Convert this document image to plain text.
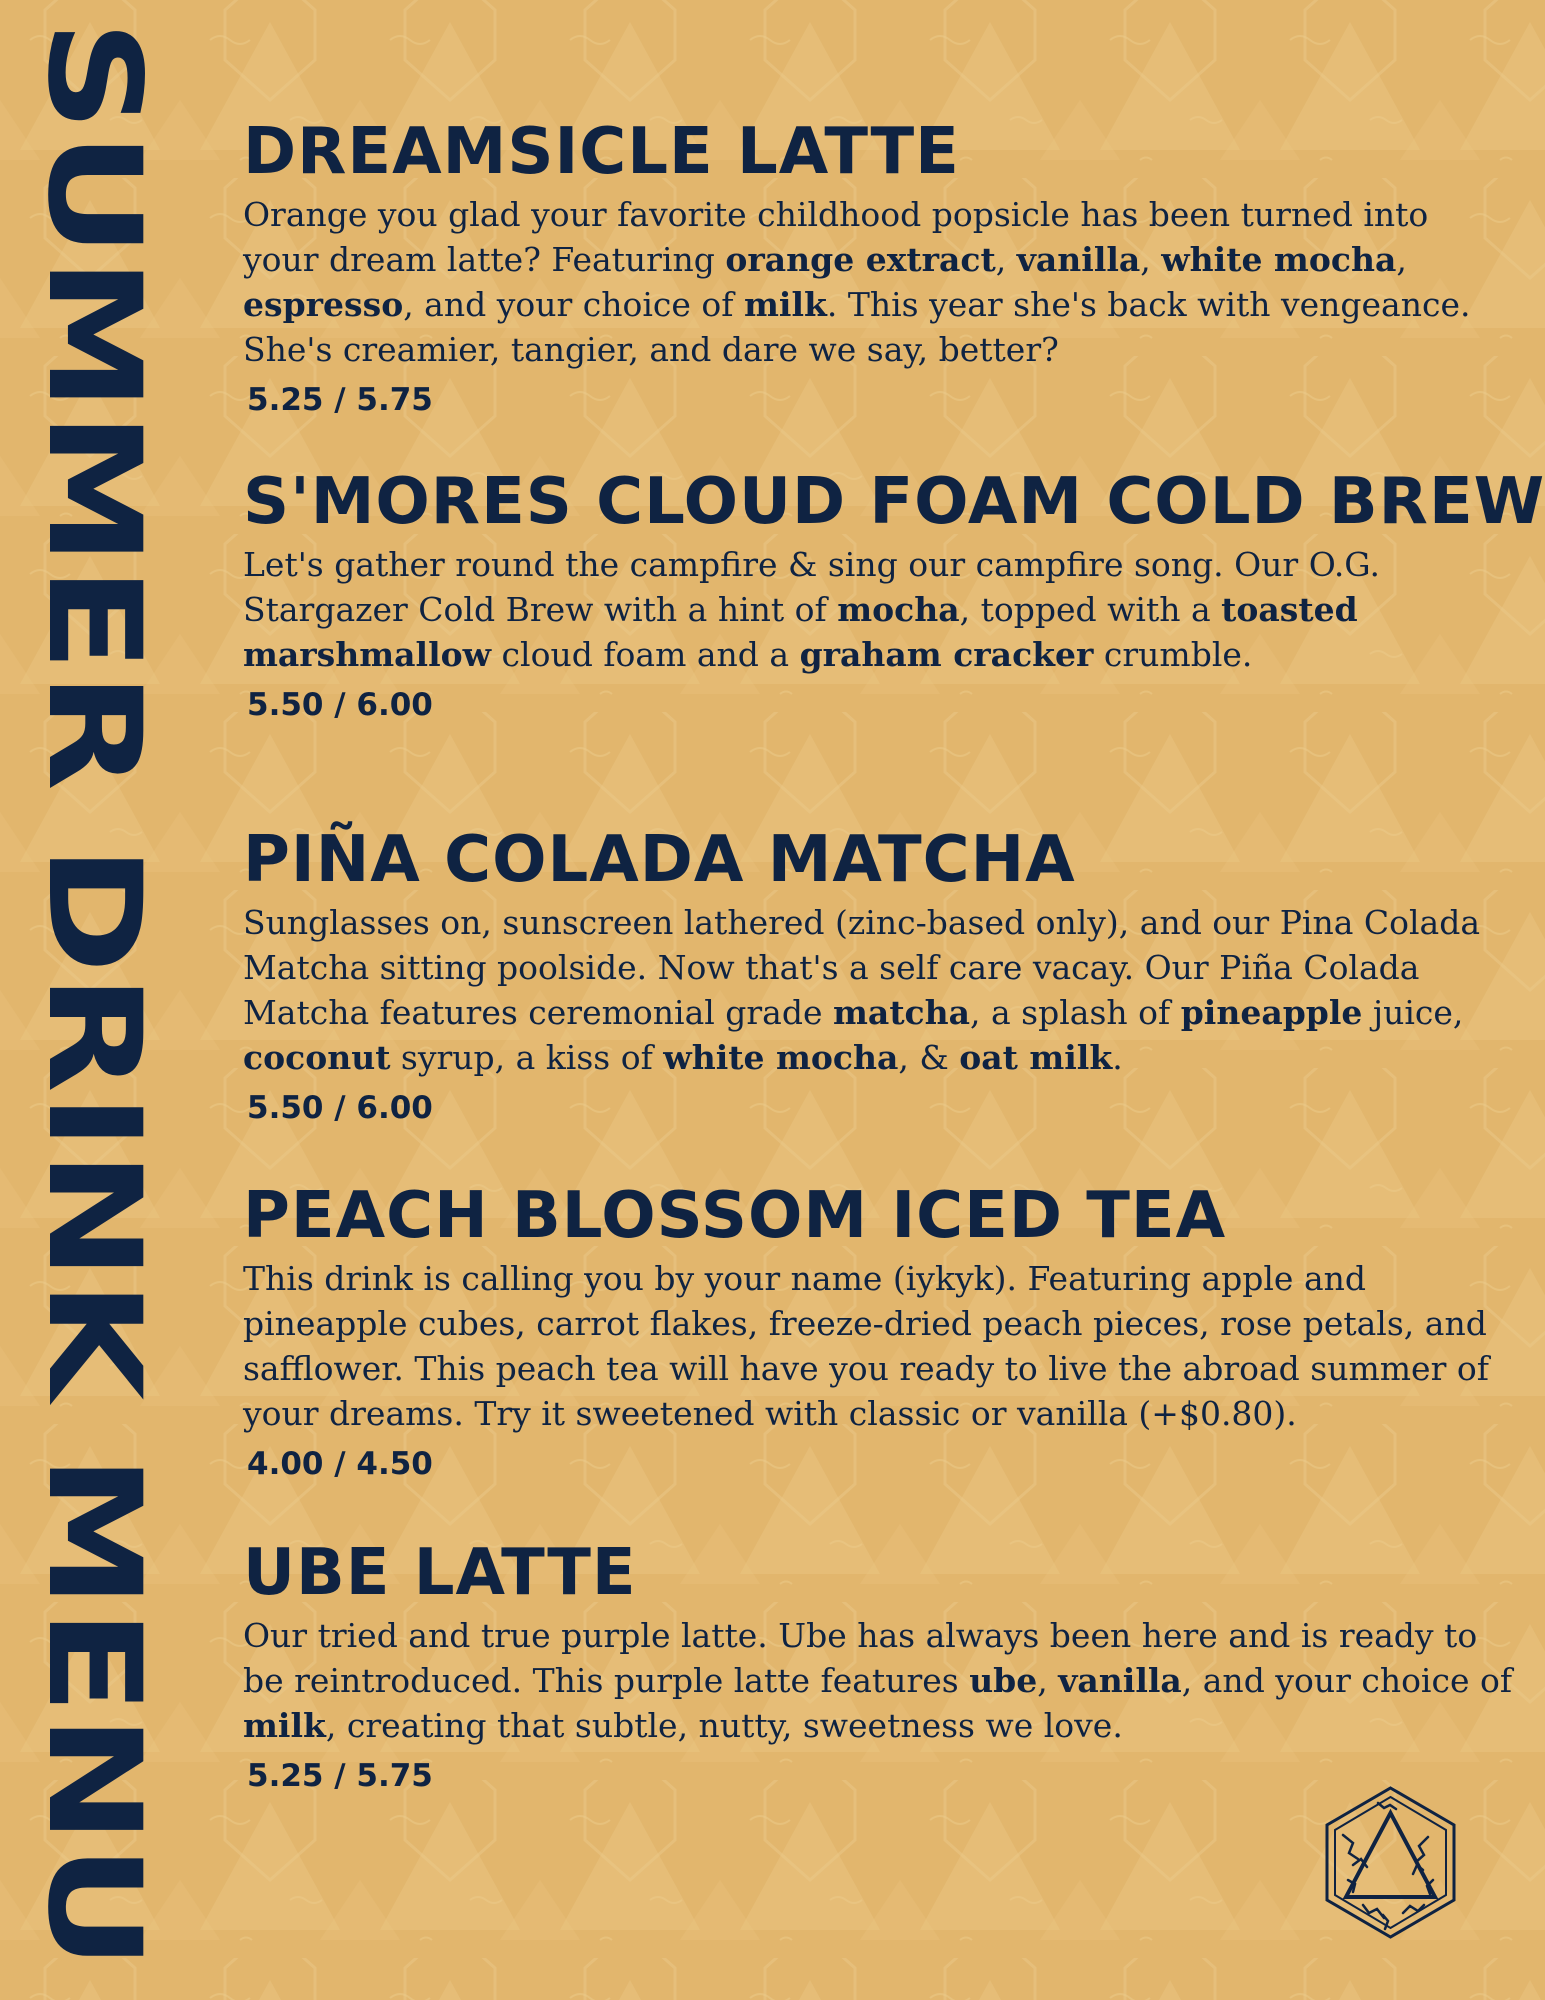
SUMMER DRINK MENU DREAMSICLE LATTE

Orange you glad your favorite childhood popsicle has been turned into your dream latte? Featuring orange extract, vanilla, white mocha, espresso, and your choice of milk. This year she's back with vengeance. She's creamier, tangier, and dare we say, better?

5.25 / 5.75
S'MORES CLOUD FOAM COLD BREW

Let's gather round the campfire & sing our campfire song. Our O.G. Stargazer Cold Brew with a hint of mocha, topped with a toasted marshmallow cloud foam and a graham cracker crumble.

5.50 / 6.00
PIÑA COLADA MATCHA

Sunglasses on, sunscreen lathered (zinc-based only), and our Pina Colada Matcha sitting poolside. Now that's a self care vacay. Our Piña Colada Matcha features ceremonial grade matcha, a splash of pineapple juice, coconut syrup, a kiss of white mocha, & oat milk.

5.50 / 6.00
PEACH BLOSSOM ICED TEA

This drink is calling you by your name (iykyk). Featuring apple and pineapple cubes, carrot flakes, freeze-dried peach pieces, rose petals, and safflower. This peach tea will have you ready to live the abroad summer of your dreams. Try it sweetened with classic or vanilla (+$0.80).

4.00 / 4.50
UBE LATTE

Our tried and true purple latte. Ube has always been here and is ready to be reintroduced. This purple latte features ube, vanilla, and your choice of milk, creating that subtle, nutty, sweetness we love.

5.25 / 5.75
